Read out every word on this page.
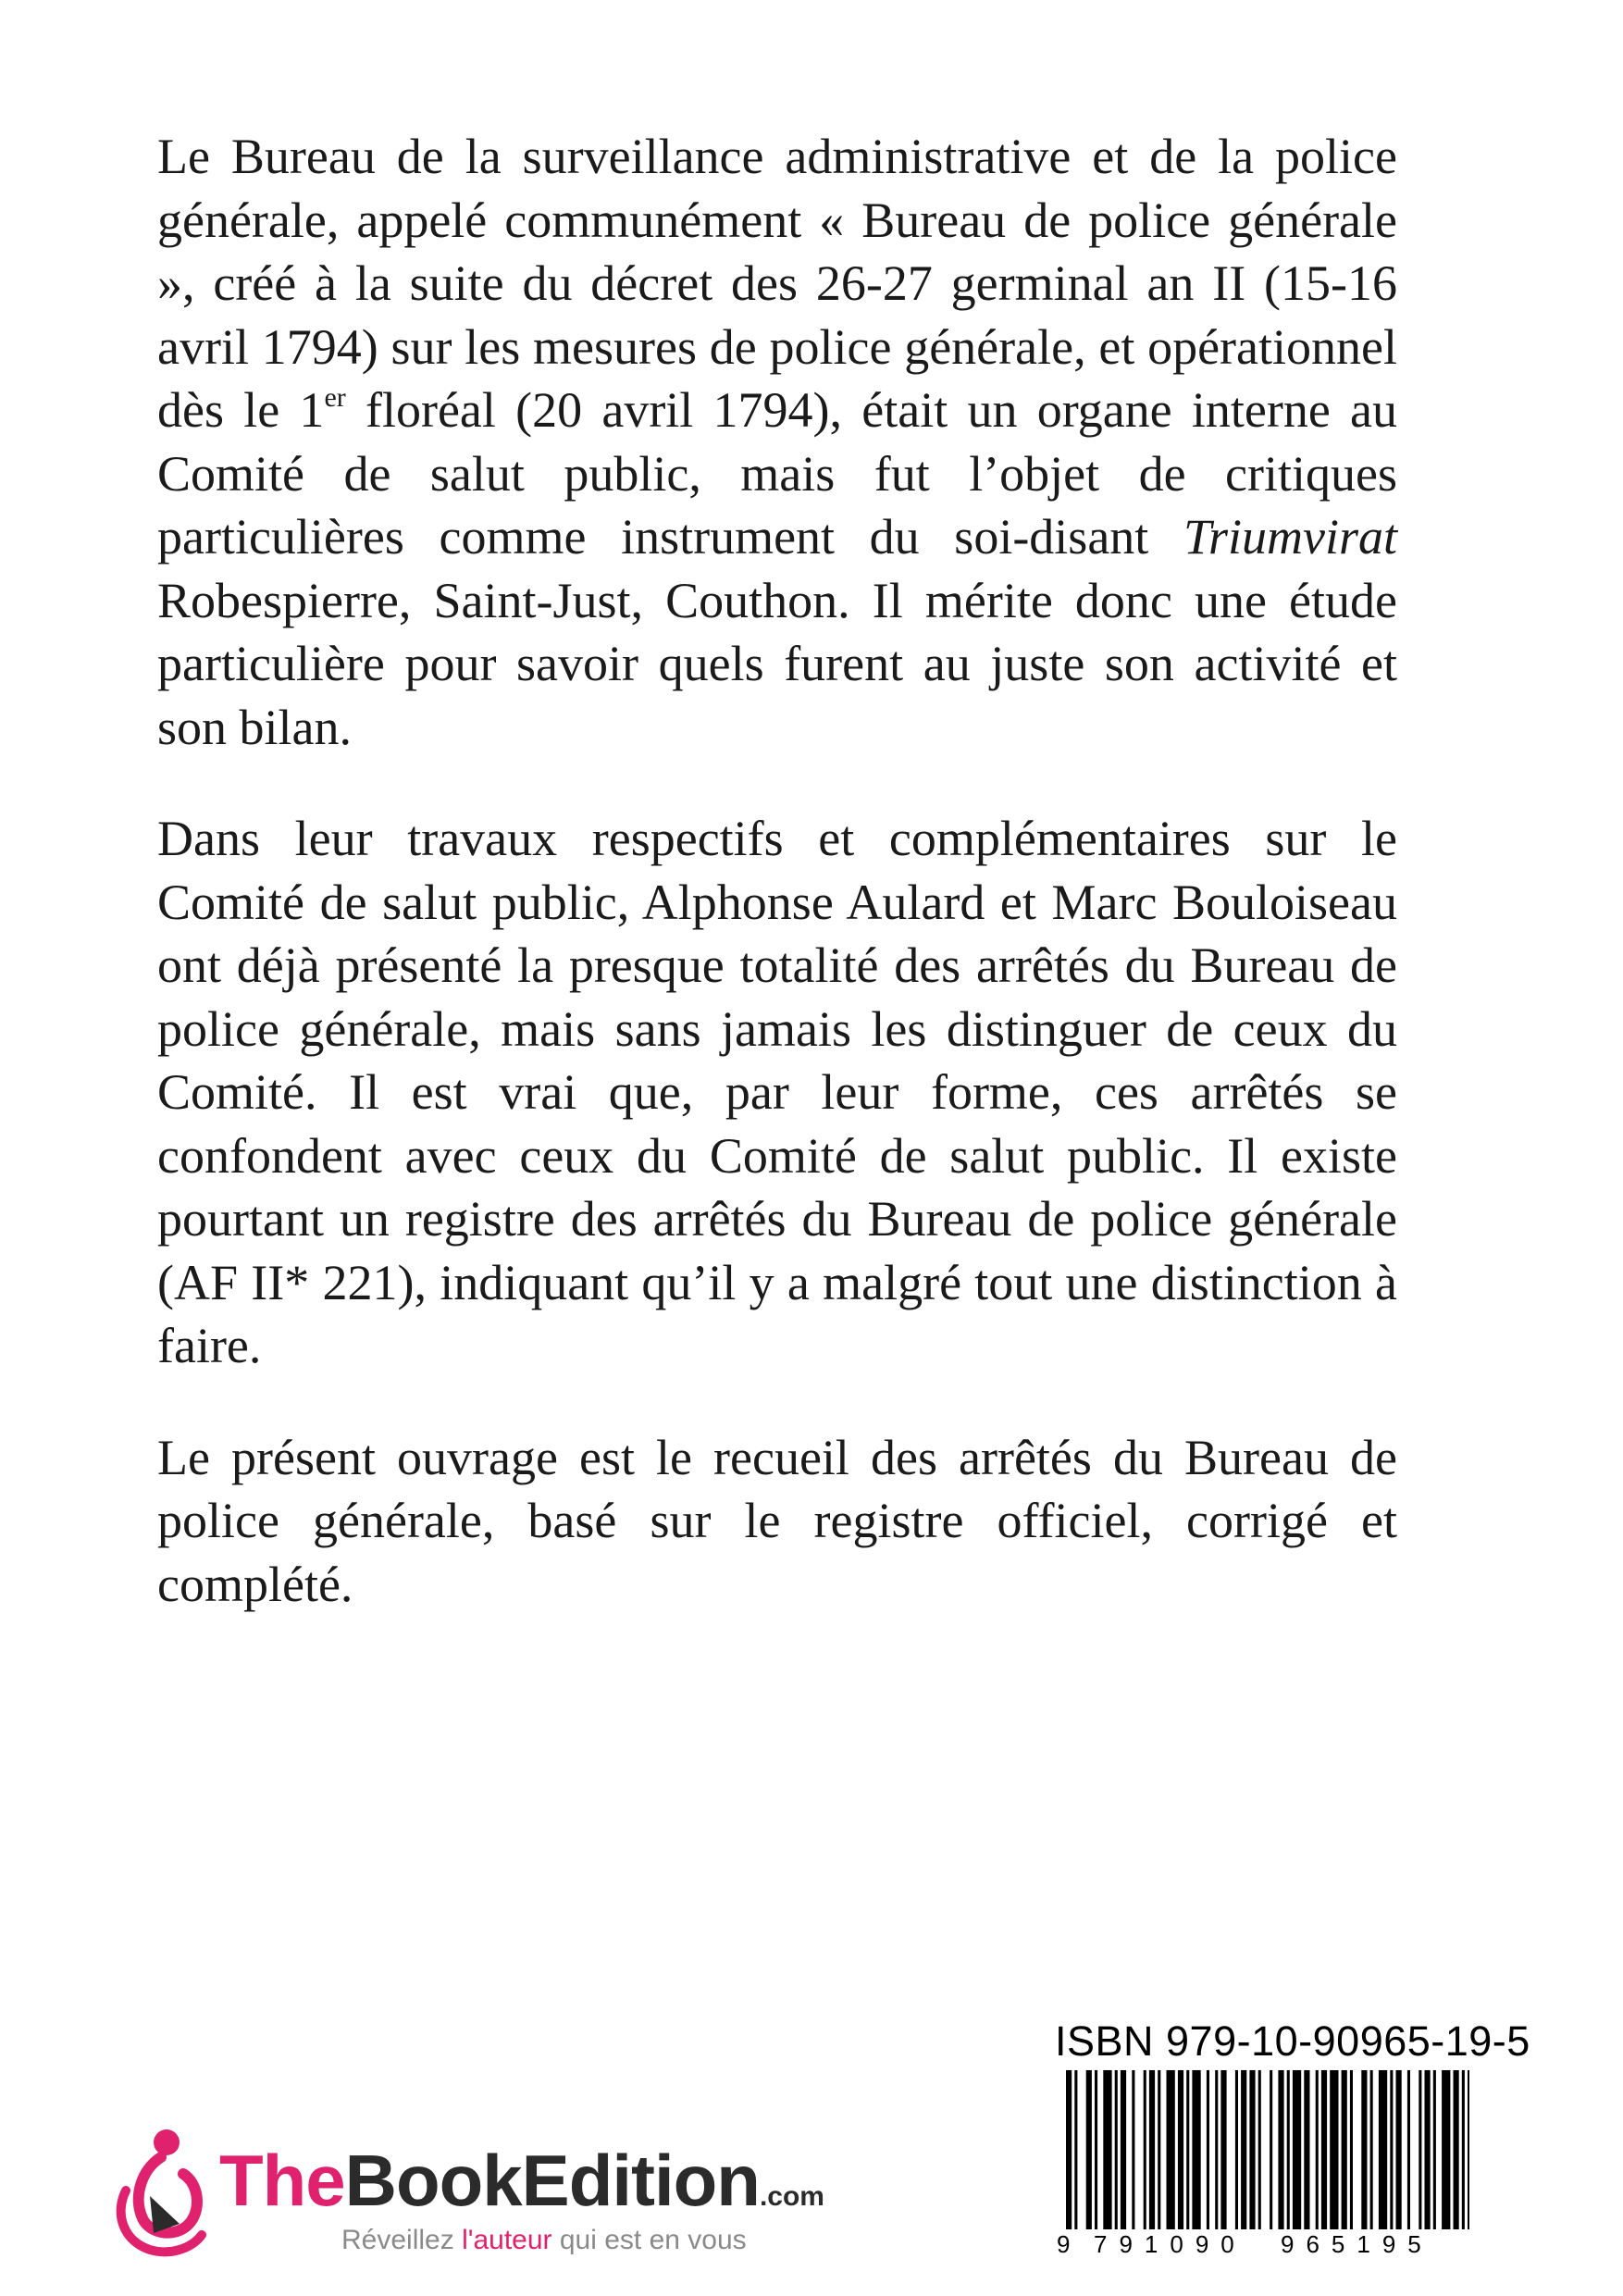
Le Bureau de la surveillance administrative et de la police générale, appelé communément « Bureau de police générale », créé à la suite du décret des 26-27 germinal an II (15-16 avril 1794) sur les mesures de police générale, et opérationnel dès le 1er floréal (20 avril 1794), était un organe interne au Comité de salut public, mais fut l’objet de critiques particulières comme instrument du soi-disant Triumvirat Robespierre, Saint-Just, Couthon. Il mérite donc une étude particulière pour savoir quels furent au juste son activité et son bilan.

Dans leur travaux respectifs et complémentaires sur le Comité de salut public, Alphonse Aulard et Marc Bouloiseau ont déjà présenté la presque totalité des arrêtés du Bureau de police générale, mais sans jamais les distinguer de ceux du Comité. Il est vrai que, par leur forme, ces arrêtés se confondent avec ceux du Comité de salut public. Il existe pourtant un registre des arrêtés du Bureau de police générale (AF II* 221), indiquant qu’il y a malgré tout une distinction à faire.

Le présent ouvrage est le recueil des arrêtés du Bureau de police générale, basé sur le registre officiel, corrigé et complété.

ISBN 979-10-90965-19-5
9 791090 965195
TheBookEdition.com
Réveillez l'auteur qui est en vous
